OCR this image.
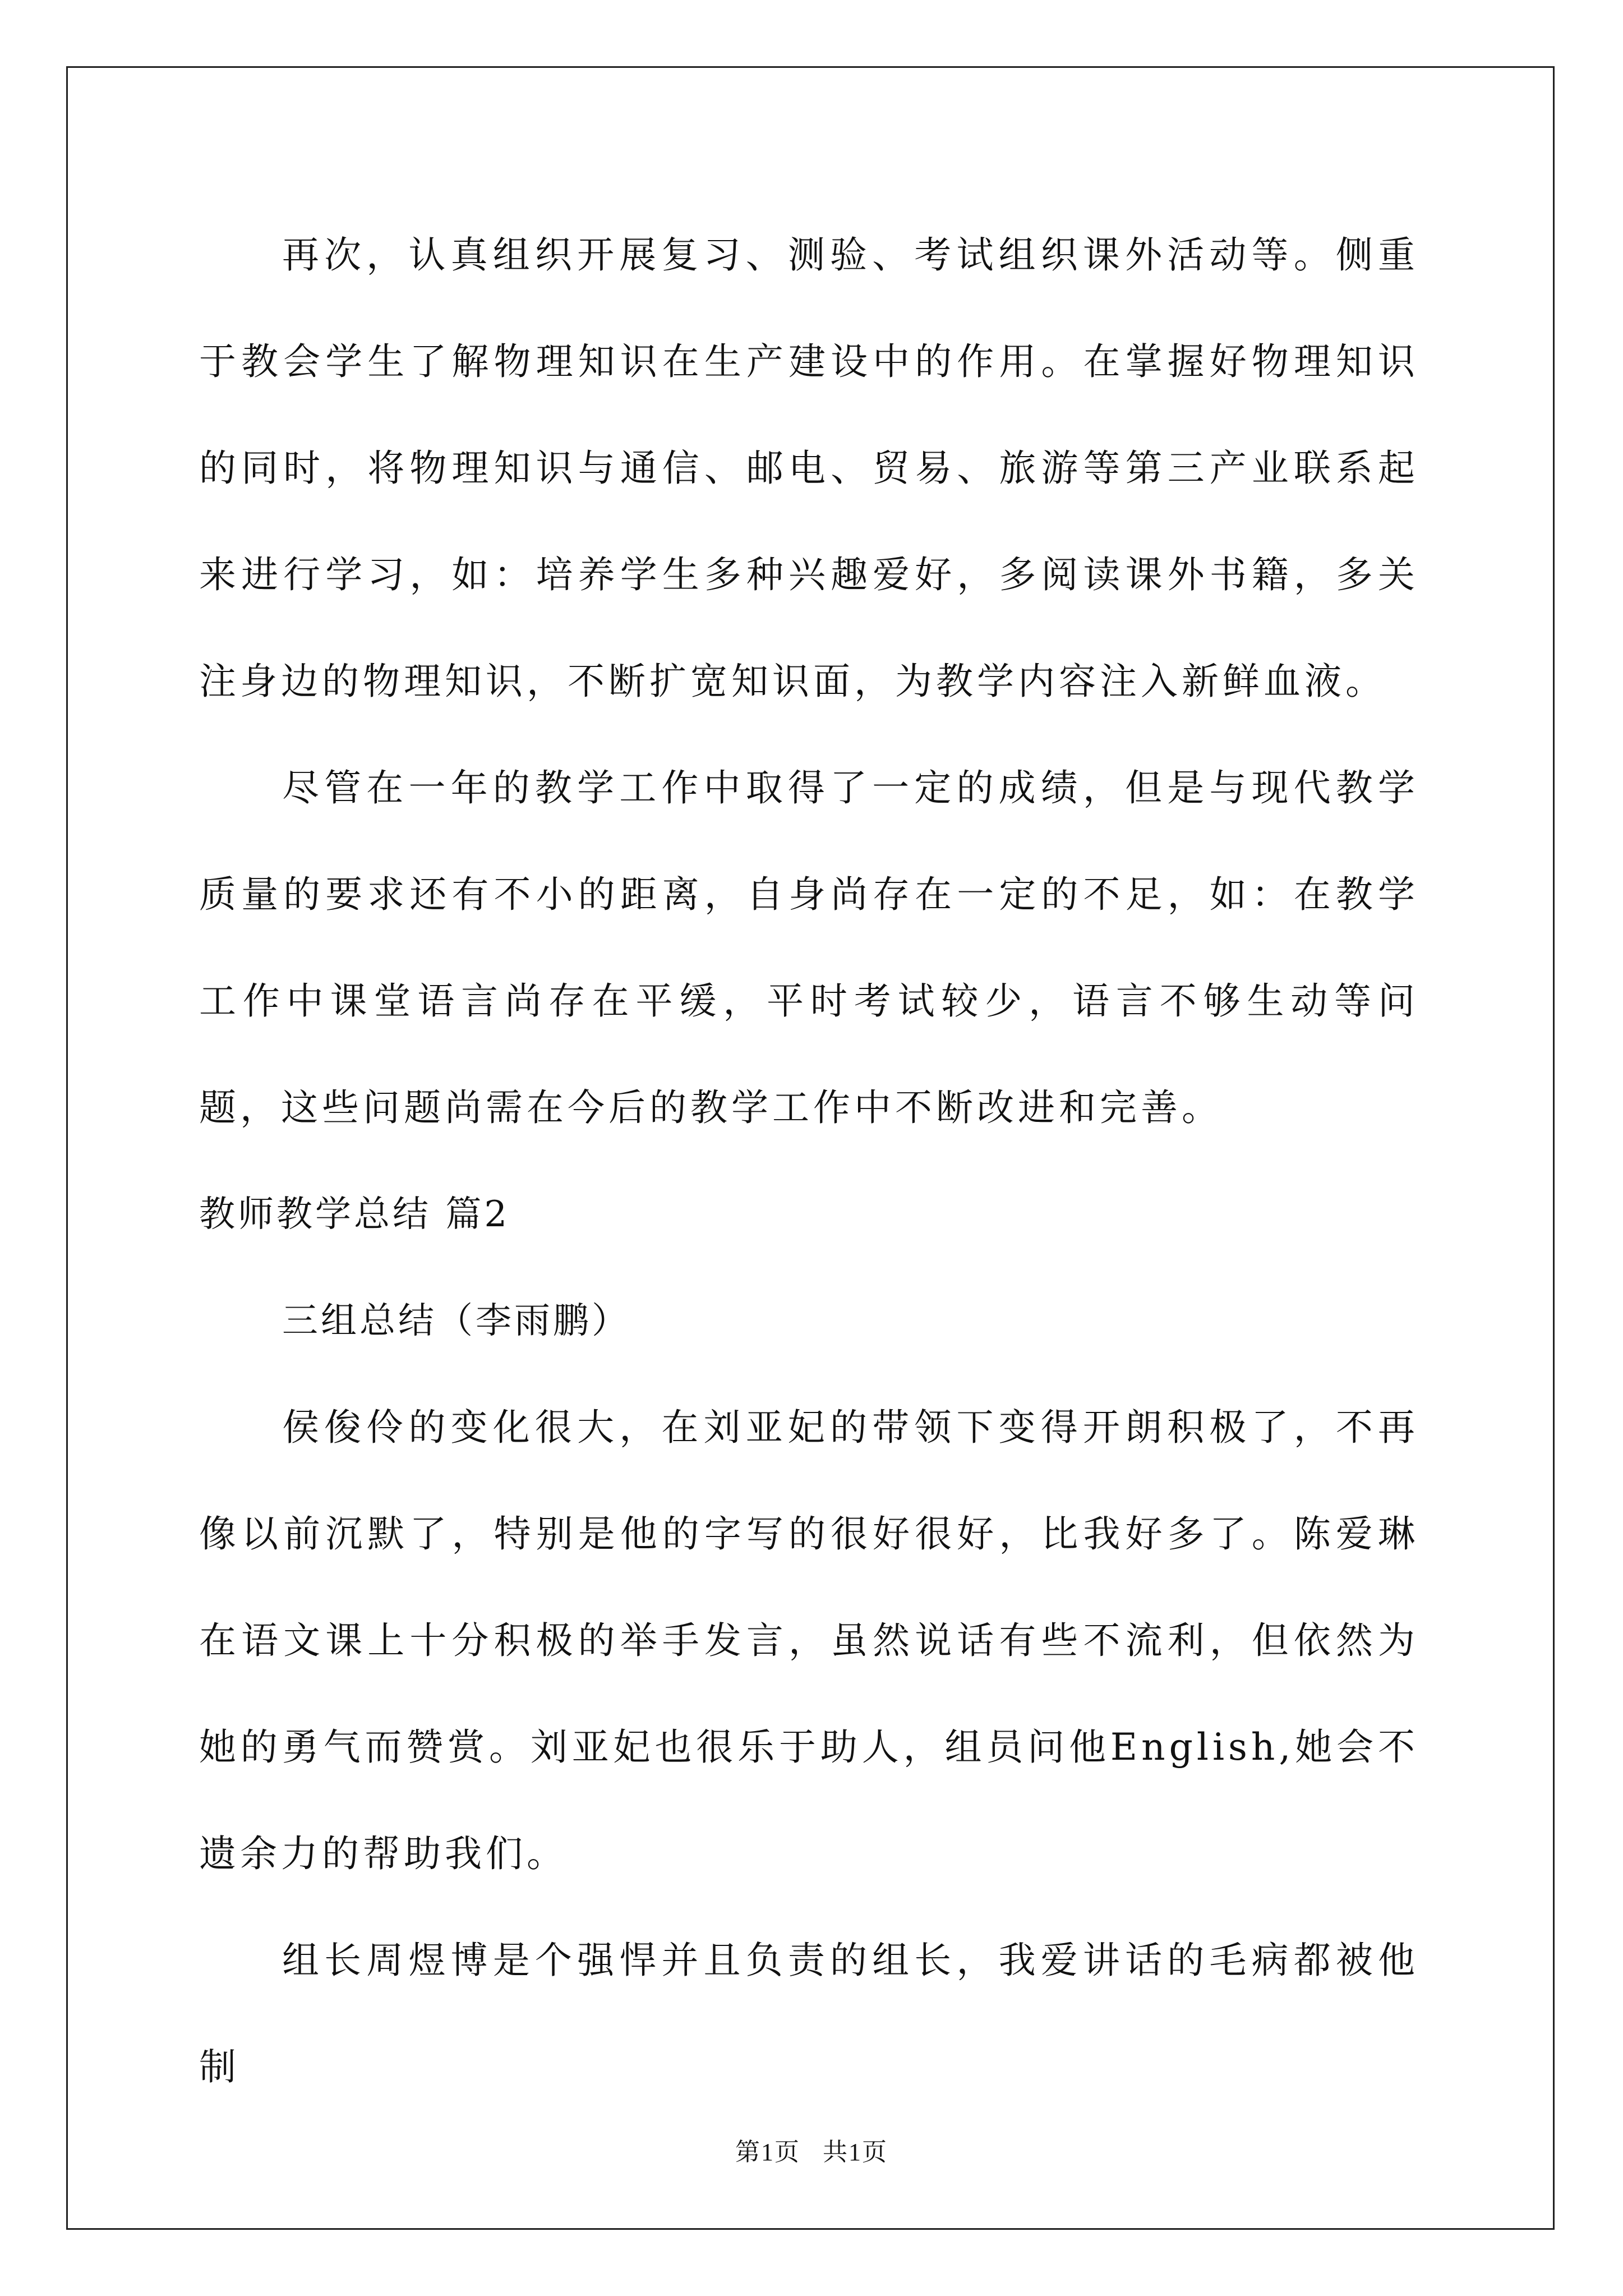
再次，认真组织开展复习、测验、考试组织课外活动等。侧重于教会学生了解物理知识在生产建设中的作用。在掌握好物理知识的同时，将物理知识与通信、邮电、贸易、旅游等第三产业联系起来进行学习，如：培养学生多种兴趣爱好，多阅读课外书籍，多关注身边的物理知识，不断扩宽知识面，为教学内容注入新鲜血液。

尽管在一年的教学工作中取得了一定的成绩，但是与现代教学质量的要求还有不小的距离，自身尚存在一定的不足，如：在教学工作中课堂语言尚存在平缓，平时考试较少，语言不够生动等问题，这些问题尚需在今后的教学工作中不断改进和完善。

教师教学总结 篇2

三组总结（李雨鹏）

侯俊伶的变化很大，在刘亚妃的带领下变得开朗积极了，不再像以前沉默了，特别是他的字写的很好很好，比我好多了。陈爱琳在语文课上十分积极的举手发言，虽然说话有些不流利，但依然为她的勇气而赞赏。刘亚妃也很乐于助人，组员问他English,她会不遗余力的帮助我们。

组长周煜博是个强悍并且负责的组长，我爱讲话的毛病都被他制

第1页 共1页
